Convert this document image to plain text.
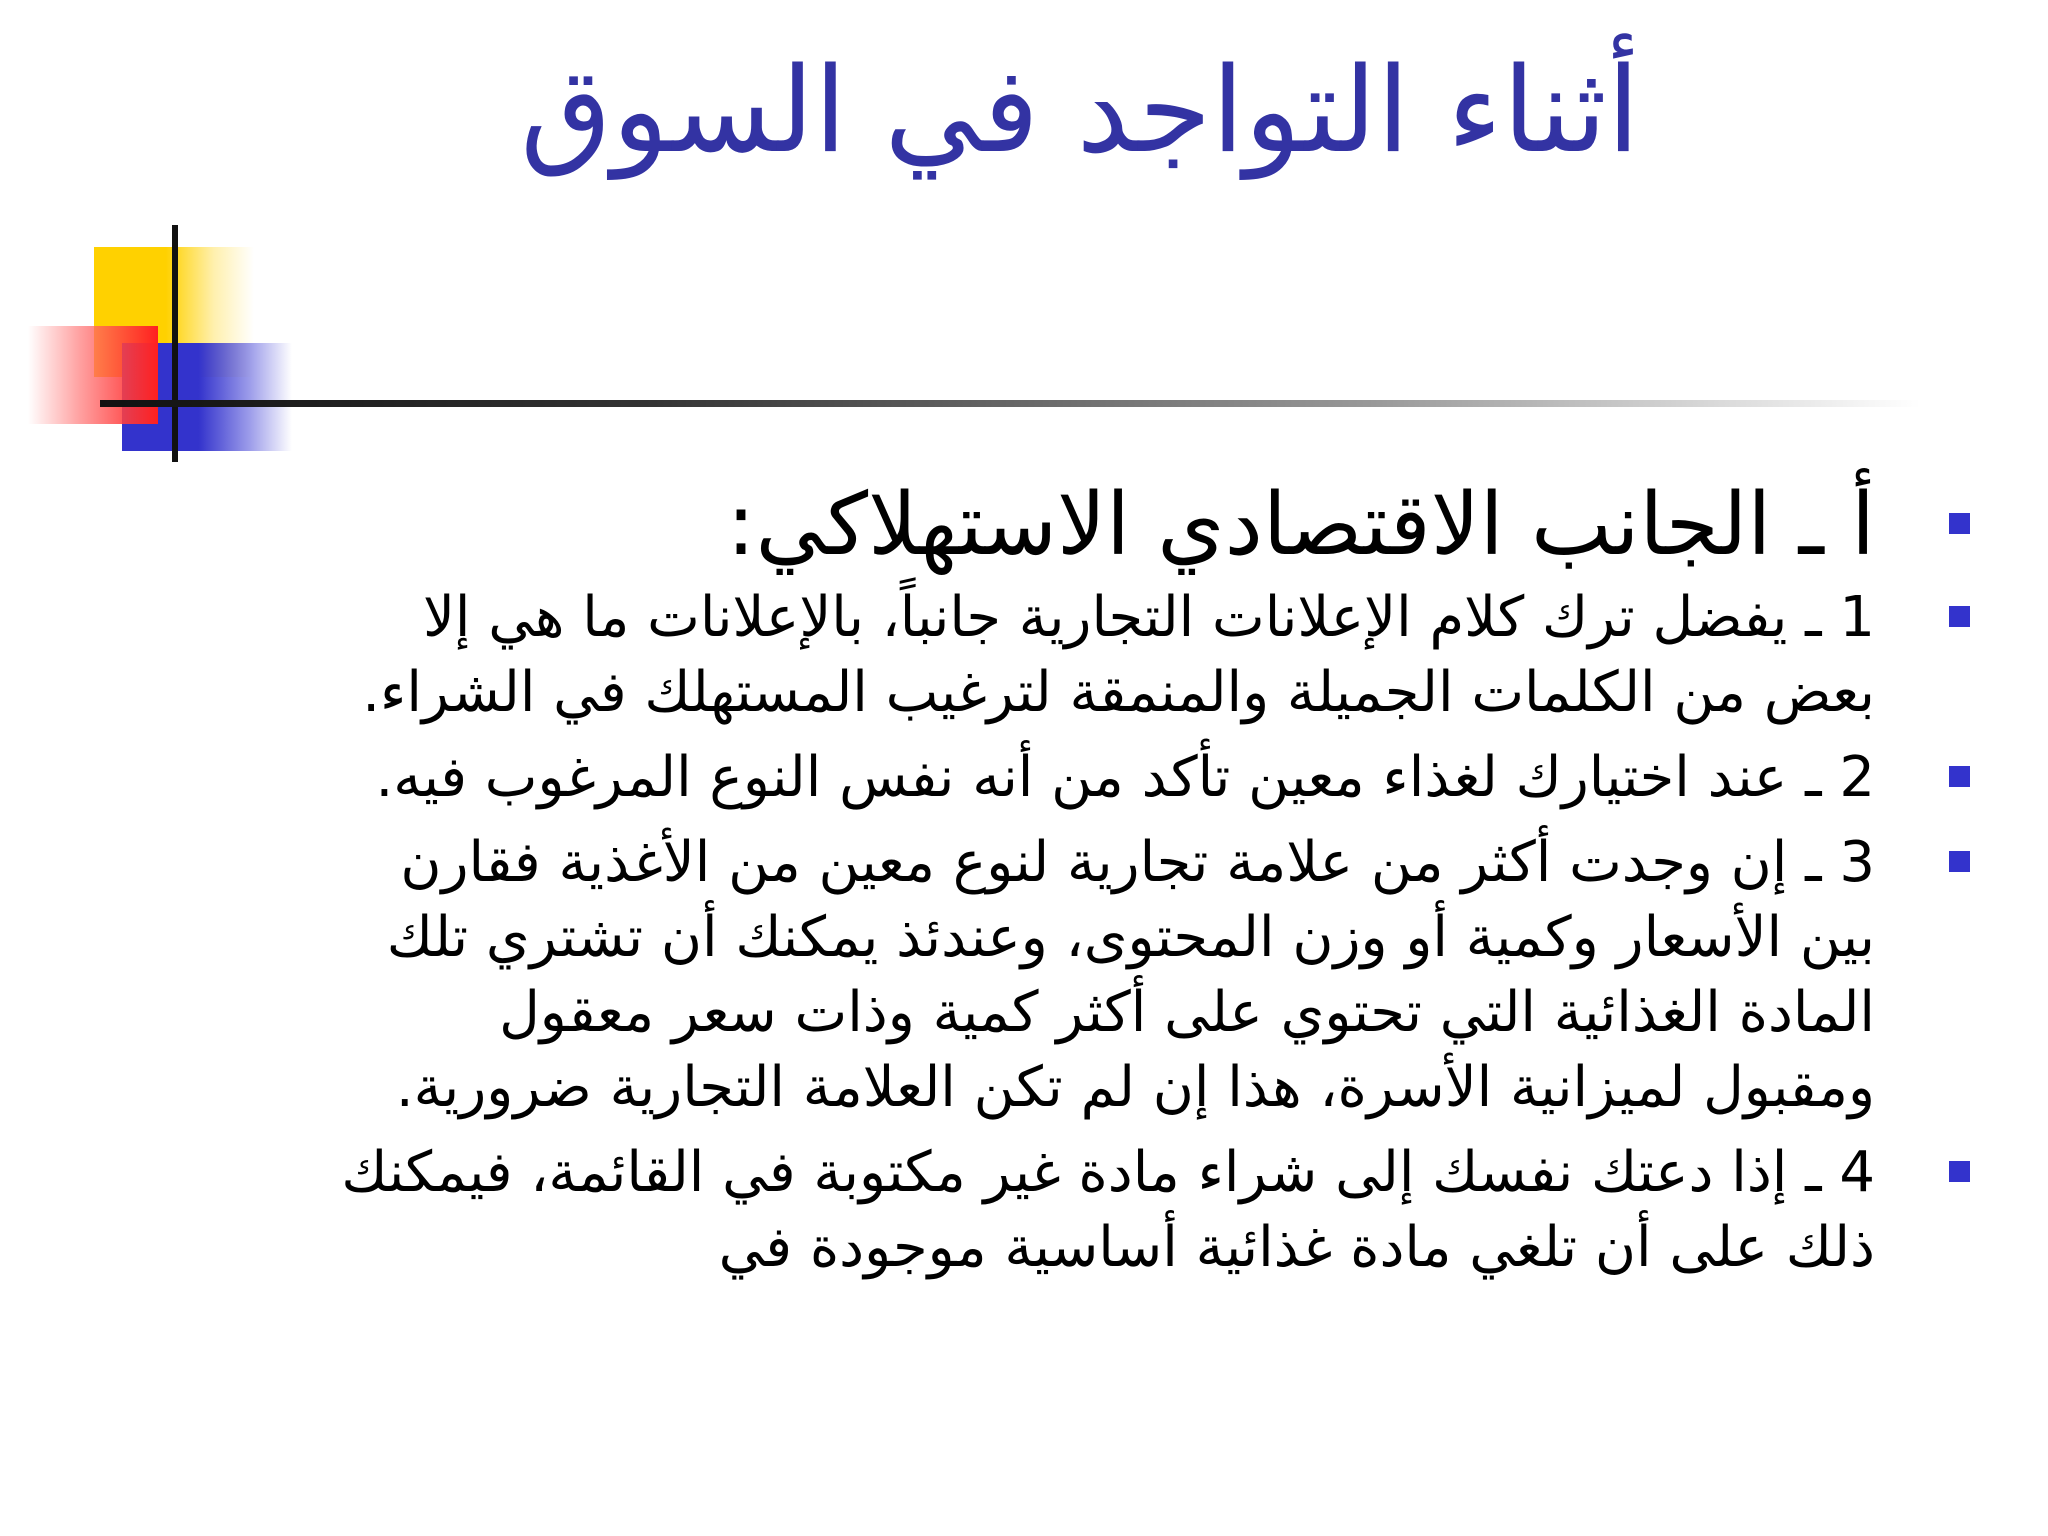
أثناء التواجد في السوق
أ ـ الجانب الاقتصادي الاستهلاكي:
1 ـ يفضل ترك كلام الإعلانات التجارية جانباً، بالإعلانات ما هي إلا بعض من الكلمات الجميلة والمنمقة لترغيب المستهلك في الشراء.
2 ـ عند اختيارك لغذاء معين تأكد من أنه نفس النوع المرغوب فيه.
3 ـ إن وجدت أكثر من علامة تجارية لنوع معين من الأغذية فقارن بين الأسعار وكمية أو وزن المحتوى، وعندئذ يمكنك أن تشتري تلك المادة الغذائية التي تحتوي على أكثر كمية وذات سعر معقول ومقبول لميزانية الأسرة، هذا إن لم تكن العلامة التجارية ضرورية.
4 ـ إذا دعتك نفسك إلى شراء مادة غير مكتوبة في القائمة، فيمكنك ذلك على أن تلغي مادة غذائية أساسية موجودة في
